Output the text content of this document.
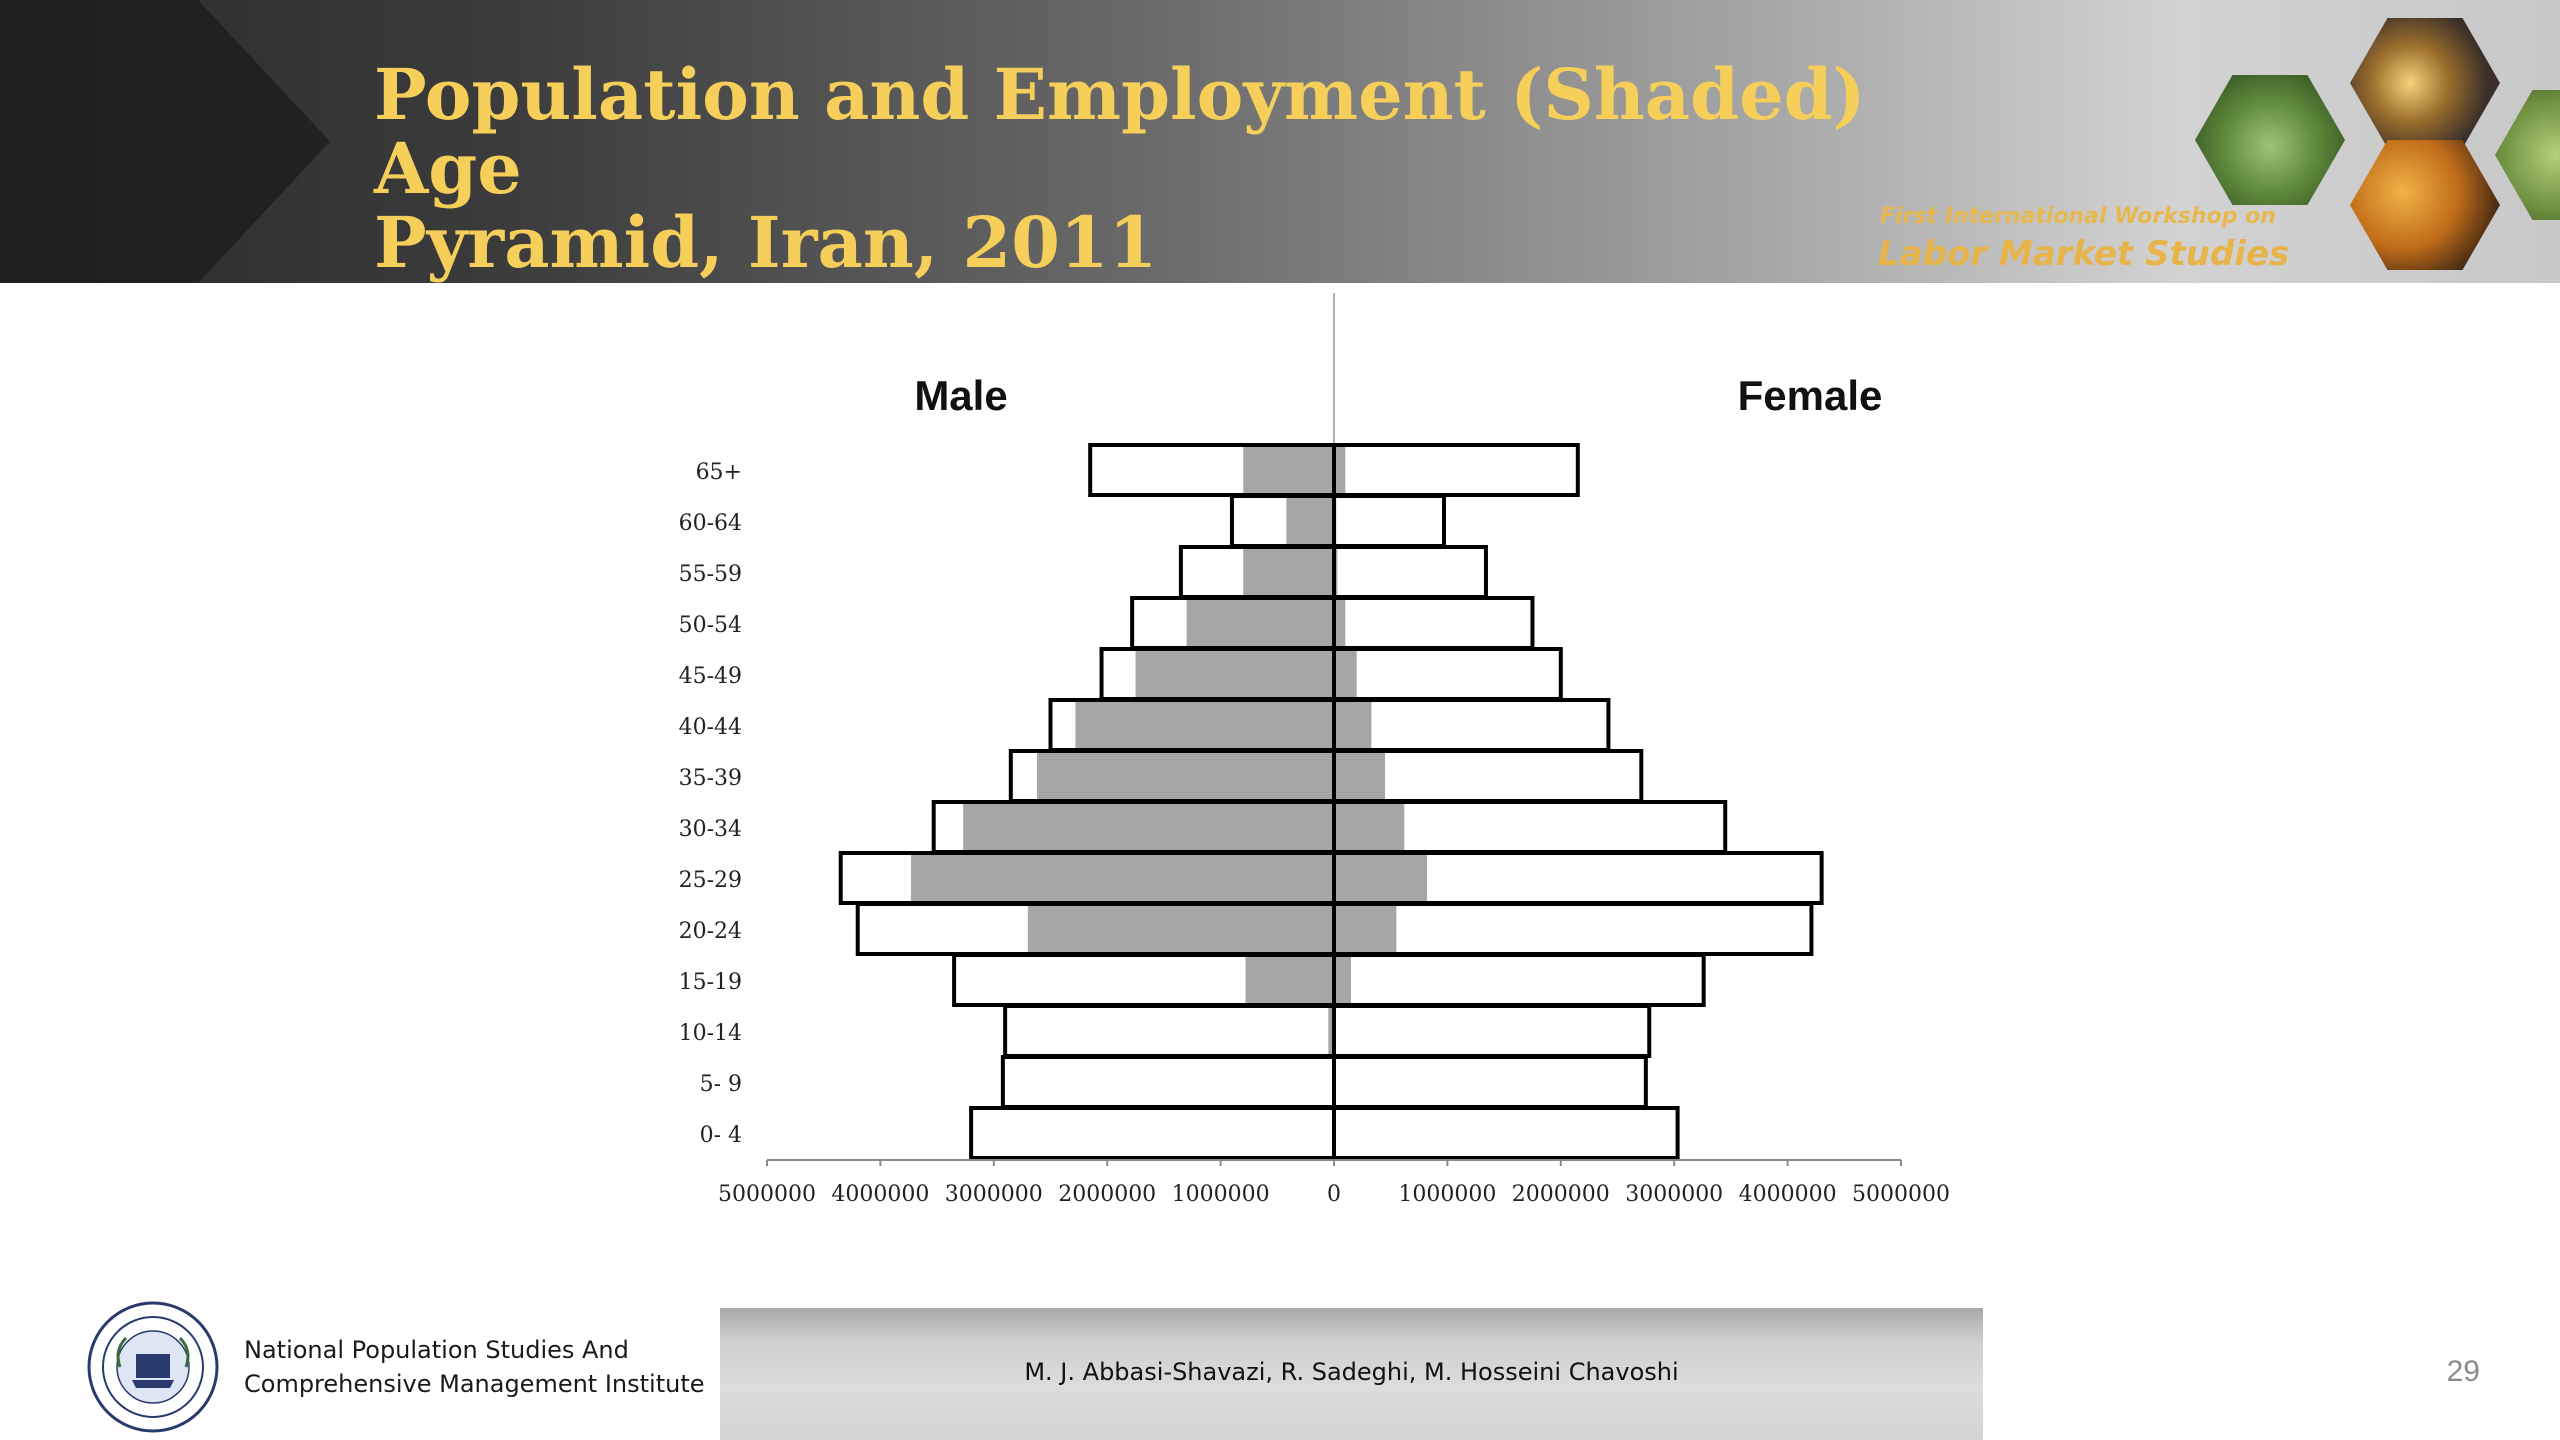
Population and Employment (Shaded) Age
Pyramid, Iran, 2011	First International Workshop on
Labor Market Studies
65+
60-64
55-59
50-54
45-49
40-44
35-39
30-34
25-29
20-24
15-19
10-14
5- 9
0- 4
5000000 4000000 3000000 2000000 1000000	0	1000000 2000000 3000000 4000000 5000000
Male	Female
National Population Studies And
Comprehensive Management Institute	M. J. Abbasi-Shavazi, R. Sadeghi, M. Hosseini Chavoshi	29
